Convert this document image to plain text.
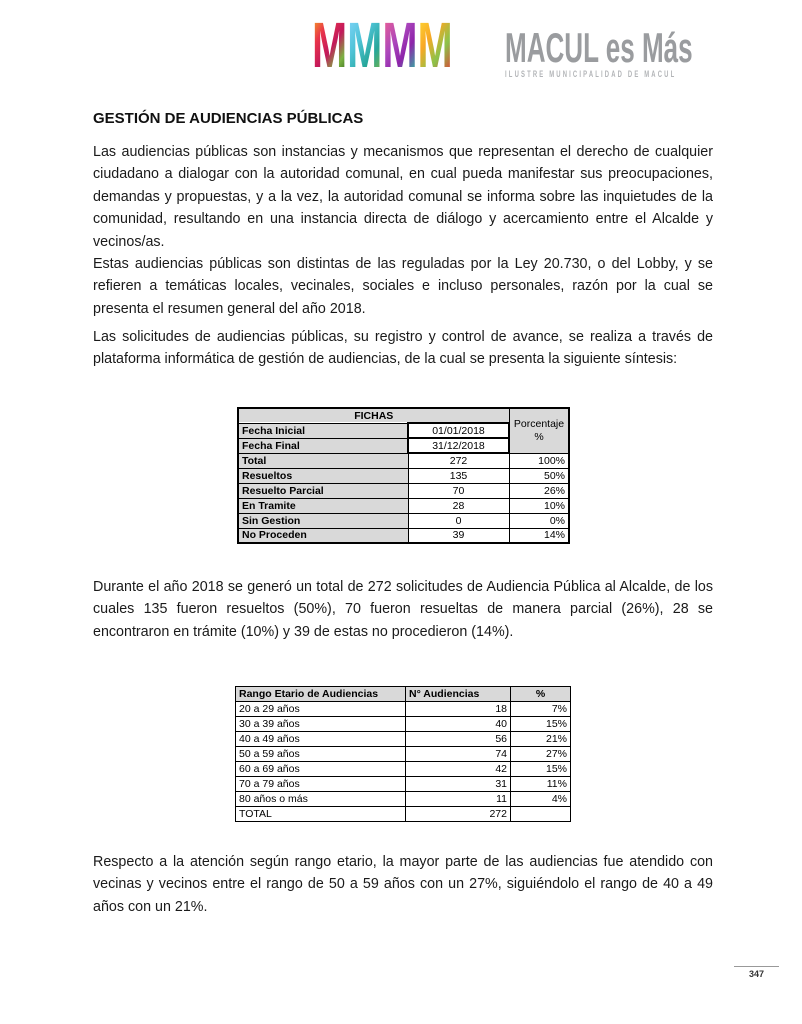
M M M M MACUL es Más
ILUSTRE MUNICIPALIDAD DE MACUL
GESTIÓN DE AUDIENCIAS PÚBLICAS
Las audiencias públicas son instancias y mecanismos que representan el derecho de cualquier ciudadano a dialogar con la autoridad comunal, en cual pueda manifestar sus preocupaciones, demandas y propuestas, y a la vez, la autoridad comunal se informa sobre las inquietudes de la comunidad, resultando en una instancia directa de diálogo y acercamiento entre el Alcalde y vecinos/as.
Estas audiencias públicas son distintas de las reguladas por la Ley 20.730, o del Lobby, y se refieren a temáticas locales, vecinales, sociales e incluso personales, razón por la cual se presenta el resumen general del año 2018.
Las solicitudes de audiencias públicas, su registro y control de avance, se realiza a través de plataforma informática de gestión de audiencias, de la cual se presenta la siguiente síntesis:
FICHAS		Porcentaje
%

Fecha Inicial	01/01/2018	
Fecha Final	31/12/2018	
Total	272	100%
Resueltos	135	50%
Resuelto Parcial	70	26%
En Tramite	28	10%
Sin Gestion	0	0%
No Proceden	39	14%
Durante el año 2018 se generó un total de 272 solicitudes de Audiencia Pública al Alcalde, de los cuales 135 fueron resueltos (50%), 70 fueron resueltas de manera parcial (26%), 28 se encontraron en trámite (10%) y 39 de estas no procedieron (14%).
Rango Etario de Audiencias	N° Audiencias	%
20 a 29 años	18	7%
30 a 39 años	40	15%
40 a 49 años	56	21%
50 a 59 años	74	27%
60 a 69 años	42	15%
70 a 79 años	31	11%
80 años o más	11	4%
TOTAL	272	
Respecto a la atención según rango etario, la mayor parte de las audiencias fue atendido con vecinas y vecinos entre el rango de 50 a 59 años con un 27%, siguiéndolo el rango de 40 a 49 años con un 21%.
347
